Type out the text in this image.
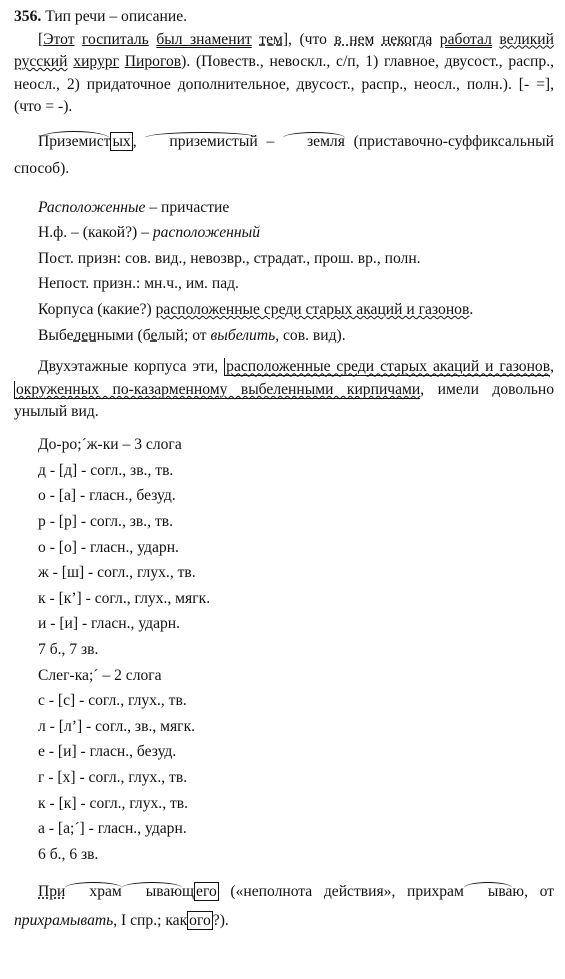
356. Тип речи – описание.

[Этот госпиталь был знаменит тем], (что в нем некогда работал великий русский хирург Пирогов). (Повеств., невоскл., с/п, 1) главное, двусост., распр., неосл., 2) придаточное дополнительное, двусост., распр., неосл., полн.). [- =], (что = -).

Приземист ых , приземистый – земля (приставочно-суффиксальный способ).

Расположенные – причастие

Н.ф. – (какой?) – расположенный

Пост. призн: сов. вид., невозвр., страдат., прош. вр., полн.

Непост. призн.: мн.ч., им. пад.

Корпуса (какие?) расположенные среди старых акаций и газонов.

Выбеленными (белый; от выбелить, сов. вид).

Двухэтажные корпуса эти, расположенные среди старых акаций и газонов, окруженных по-казарменному выбеленными кирпичами, имели довольно унылый вид.

До-ро;´ж-ки – 3 слога

д - [д] - согл., зв., тв.

о - [а] - гласн., безуд.

р - [р] - согл., зв., тв.

о - [о] - гласн., ударн.

ж - [ш] - согл., глух., тв.

к - [к’] - согл., глух., мягк.

и - [и] - гласн., ударн.

7 б., 7 зв.

Слег-ка;´ – 2 слога

с - [с] - согл., глух., тв.

л - [л’] - согл., зв., мягк.

е - [и] - гласн., безуд.

г - [х] - согл., глух., тв.

к - [к] - согл., глух., тв.

а - [а;´] - гласн., ударн.

6 б., 6 зв.

При храм ывающ его («неполнота действия», прихрам ываю, от прихрамывать, I спр.; как ого ?).
